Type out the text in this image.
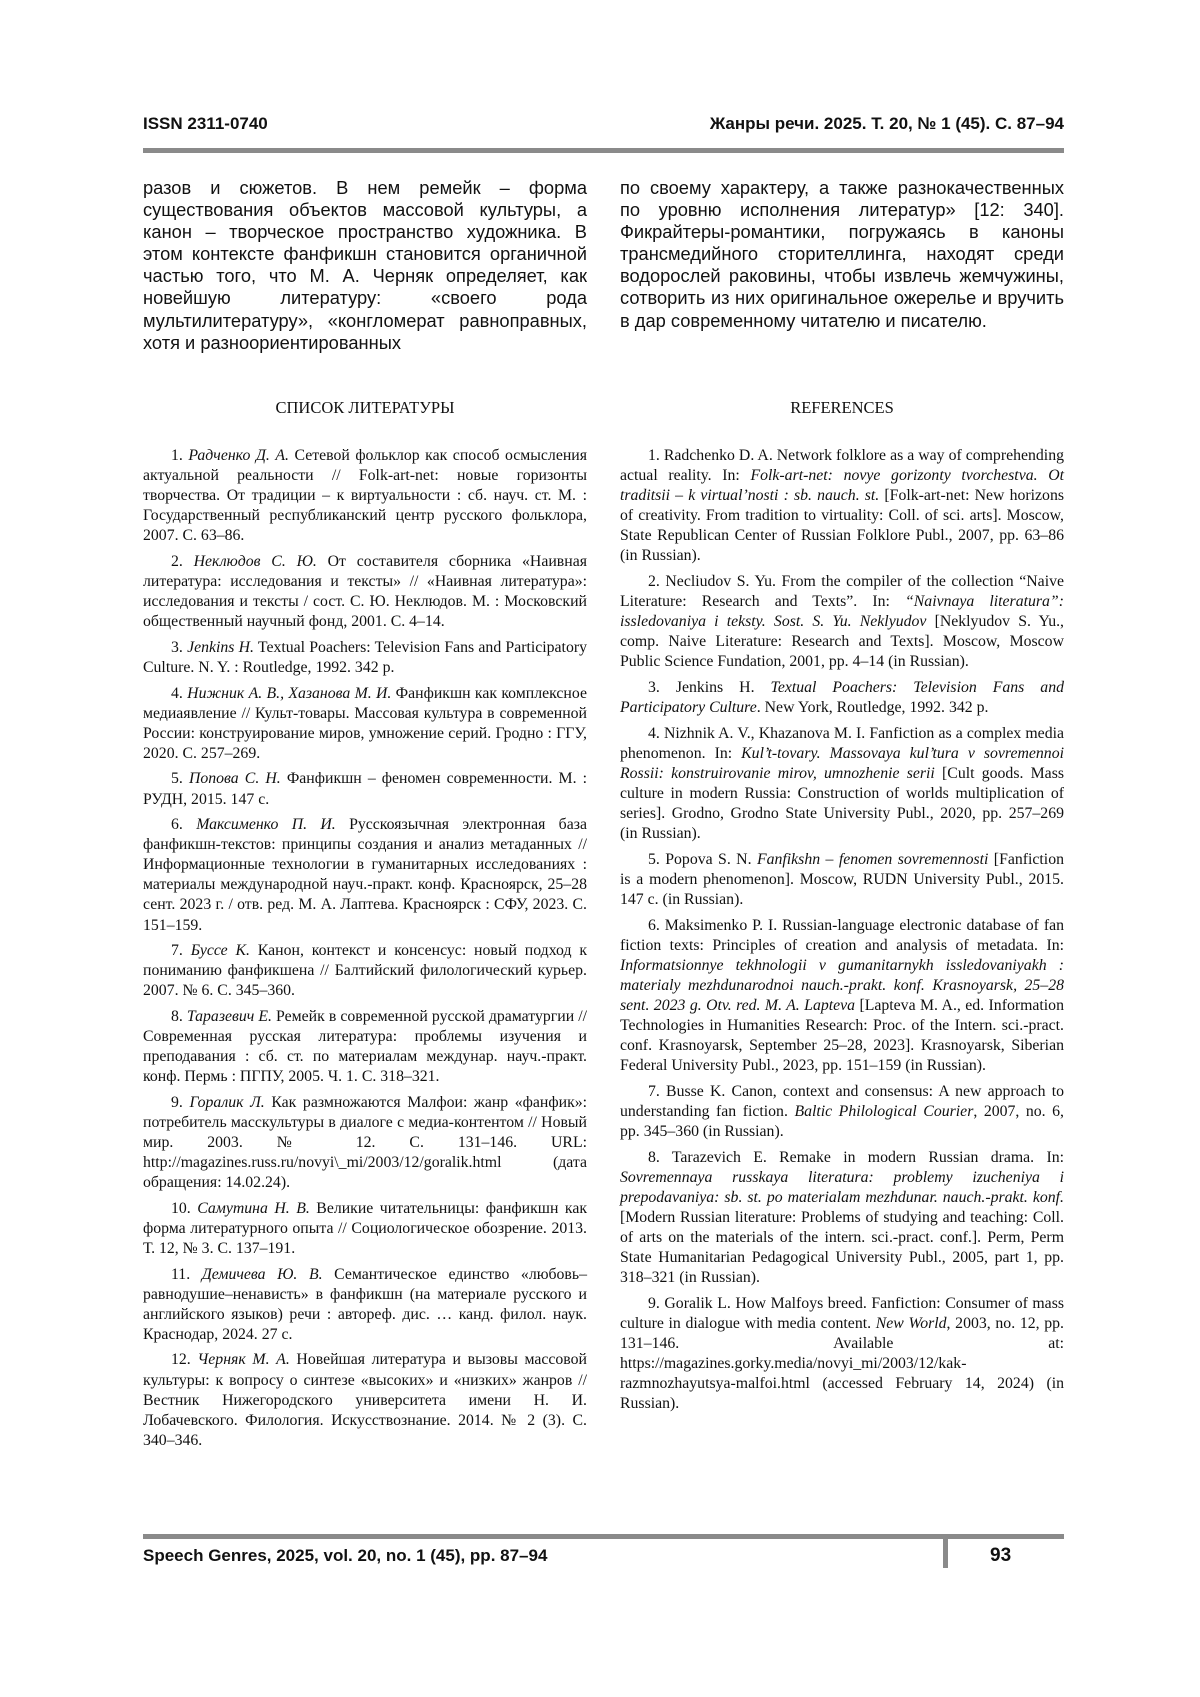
ISSN 2311-0740	Жанры речи. 2025. Т. 20, № 1 (45). С. 87–94

разов и сюжетов. В нем ремейк – форма существования объектов массовой культуры, а канон – творческое пространство художника. В этом контексте фанфикшн становится органичной частью того, что М. А. Черняк определяет, как новейшую литературу: «своего рода мультилитературу», «конгломерат равноправных, хотя и разноориентированных

по своему характеру, а также разнокачественных по уровню исполнения литератур» [12: 340]. Фикрайтеры-романтики, погружаясь в каноны трансмедийного сторителлинга, находят среди водорослей раковины, чтобы извлечь жемчужины, сотворить из них оригинальное ожерелье и вручить в дар современному читателю и писателю.

СПИСОК ЛИТЕРАТУРЫ	REFERENCES

1. Радченко Д. А. Сетевой фольклор как способ осмысления актуальной реальности // Folk-art-net: новые горизонты творчества. От традиции – к виртуальности : сб. науч. ст. М. : Государственный республиканский центр русского фольклора, 2007. С. 63–86.

2. Неклюдов С. Ю. От составителя сборника «Наивная литература: исследования и тексты» // «Наивная литература»: исследования и тексты / сост. С. Ю. Неклюдов. М. : Московский общественный научный фонд, 2001. С. 4–14.

3. Jenkins H. Textual Poachers: Television Fans and Participatory Culture. N. Y. : Routledge, 1992. 342 p.

4. Нижник А. В., Хазанова М. И. Фанфикшн как комплексное медиаявление // Культ-товары. Массовая культура в современной России: конструирование миров, умножение серий. Гродно : ГГУ, 2020. С. 257–269.

5. Попова С. Н. Фанфикшн – феномен современности. М. : РУДН, 2015. 147 с.

6. Максименко П. И. Русскоязычная электронная база фанфикшн-текстов: принципы создания и анализ метаданных // Информационные технологии в гуманитарных исследованиях : материалы международной науч.-практ. конф. Красноярск, 25–28 сент. 2023 г. / отв. ред. М. А. Лаптева. Красноярск : СФУ, 2023. С. 151–159.

7. Буссе К. Канон, контекст и консенсус: новый подход к пониманию фанфикшена // Балтийский филологический курьер. 2007. № 6. С. 345–360.

8. Таразевич Е. Ремейк в современной русской драматургии // Современная русская литература: проблемы изучения и преподавания : сб. ст. по материалам междунар. науч.-практ. конф. Пермь : ПГПУ, 2005. Ч. 1. С. 318–321.

9. Горалик Л. Как размножаются Малфои: жанр «фанфик»: потребитель масскультуры в диалоге с медиа-контентом // Новый мир. 2003. № 12. С. 131–146. URL: http://magazines.russ.ru/novyi\_mi/2003/12/goralik.html (дата обращения: 14.02.24).

10. Самутина Н. В. Великие читательницы: фанфикшн как форма литературного опыта // Социологическое обозрение. 2013. Т. 12, № 3. С. 137–191.

11. Демичева Ю. В. Семантическое единство «любовь–равнодушие–ненависть» в фанфикшн (на материале русского и английского языков) речи : автореф. дис. … канд. филол. наук. Краснодар, 2024. 27 с.

12. Черняк М. А. Новейшая литература и вызовы массовой культуры: к вопросу о синтезе «высоких» и «низких» жанров // Вестник Нижегородского университета имени Н. И. Лобачевского. Филология. Искусствознание. 2014. № 2 (3). С. 340–346.

1. Radchenko D. A. Network folklore as a way of comprehending actual reality. In: Folk-art-net: novye gorizonty tvorchestva. Ot traditsii – k virtual’nosti : sb. nauch. st. [Folk-art-net: New horizons of creativity. From tradition to virtuality: Coll. of sci. arts]. Moscow, State Republican Center of Russian Folklore Publ., 2007, pp. 63–86 (in Russian).

2. Necliudov S. Yu. From the compiler of the collection “Naive Literature: Research and Texts”. In: “Naivnaya literatura”: issledovaniya i teksty. Sost. S. Yu. Neklyudov [Neklyudov S. Yu., comp. Naive Literature: Research and Texts]. Moscow, Moscow Public Science Fundation, 2001, pp. 4–14 (in Russian).

3. Jenkins H. Textual Poachers: Television Fans and Participatory Culture. New York, Routledge, 1992. 342 p.

4. Nizhnik A. V., Khazanova M. I. Fanfiction as a complex media phenomenon. In: Kul’t-tovary. Massovaya kul’tura v sovremennoi Rossii: konstruirovanie mirov, umnozhenie serii [Cult goods. Mass culture in modern Russia: Construction of worlds multiplication of series]. Grodno, Grodno State University Publ., 2020, pp. 257–269 (in Russian).

5. Popova S. N. Fanfikshn – fenomen sovremennosti [Fanfiction is a modern phenomenon]. Moscow, RUDN University Publ., 2015. 147 c. (in Russian).

6. Maksimenko P. I. Russian-language electronic database of fan fiction texts: Principles of creation and analysis of metadata. In: Informatsionnye tekhnologii v gumanitarnykh issledovaniyakh : materialy mezhdunarodnoi nauch.-prakt. konf. Krasnoyarsk, 25–28 sent. 2023 g. Otv. red. M. A. Lapteva [Lapteva M. A., ed. Information Technologies in Humanities Research: Proc. of the Intern. sci.-pract. conf. Krasnoyarsk, September 25–28, 2023]. Krasnoyarsk, Siberian Federal University Publ., 2023, pp. 151–159 (in Russian).

7. Busse K. Canon, context and consensus: A new approach to understanding fan fiction. Baltic Philological Courier, 2007, no. 6, pp. 345–360 (in Russian).

8. Tarazevich E. Remake in modern Russian drama. In: Sovremennaya russkaya literatura: problemy izucheniya i prepodavaniya: sb. st. po materialam mezhdunar. nauch.-prakt. konf. [Modern Russian literature: Problems of studying and teaching: Coll. of arts on the materials of the intern. sci.-pract. conf.]. Perm, Perm State Humanitarian Pedagogical University Publ., 2005, part 1, pp. 318–321 (in Russian).

9. Goralik L. How Malfoys breed. Fanfiction: Consumer of mass culture in dialogue with media content. New World, 2003, no. 12, pp. 131–146. Available at: https://magazines.gorky.media/novyi_mi/2003/12/kak-razmnozhayutsya-malfoi.html (accessed February 14, 2024) (in Russian).

Speech Genres, 2025, vol. 20, no. 1 (45), pp. 87–94	93
